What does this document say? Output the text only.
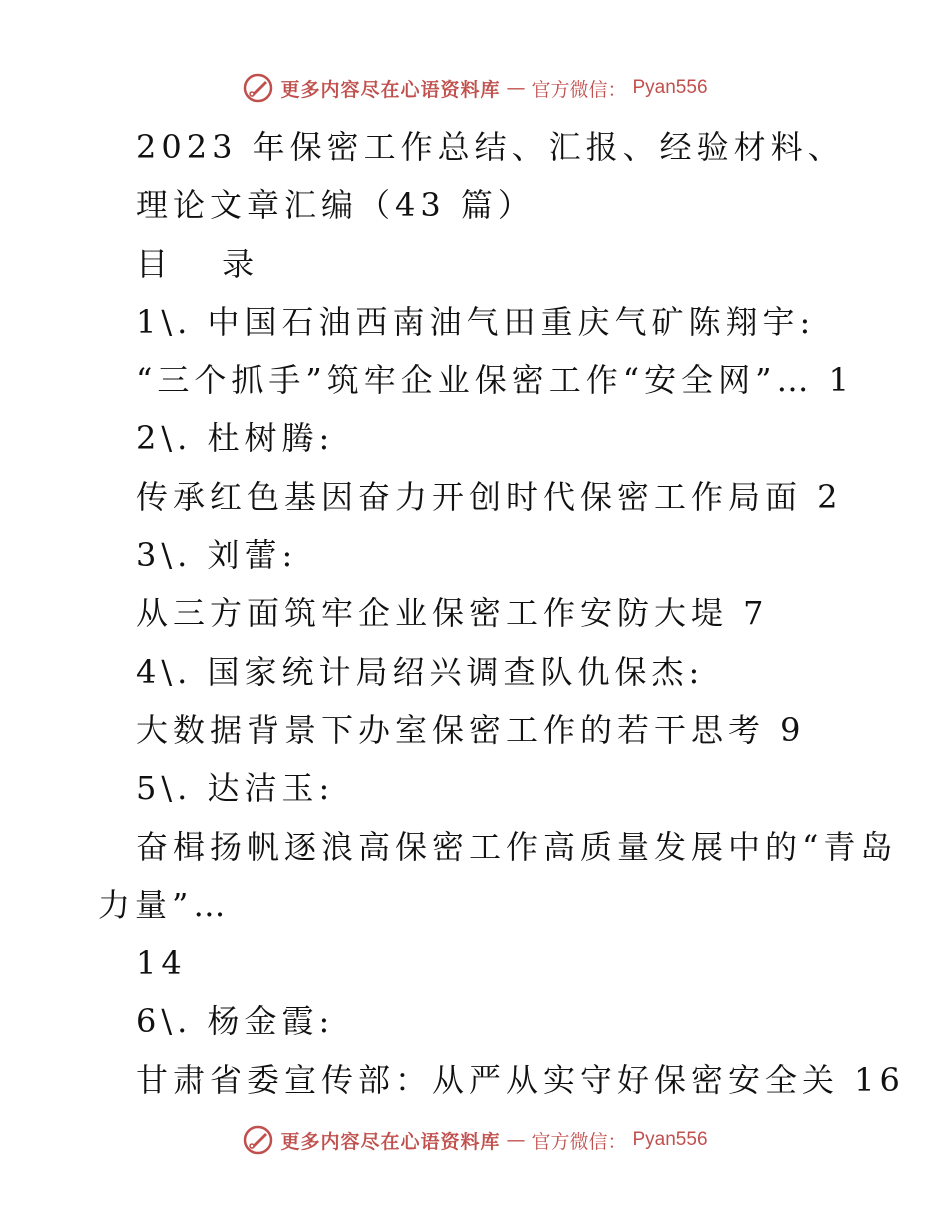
更多内容尽在心语资料库 — 官方微信： Pyan556
2023 年保密工作总结、汇报、经验材料、
理论文章汇编（43 篇）
目 录
1\. 中国石油西南油气田重庆气矿陈翔宇:
“三个抓手”筑牢企业保密工作“安全网”… 1
2\. 杜树腾:
传承红色基因奋力开创时代保密工作局面 2
3\. 刘蕾:
从三方面筑牢企业保密工作安防大堤 7
4\. 国家统计局绍兴调查队仇保杰:
大数据背景下办室保密工作的若干思考 9
5\. 达洁玉:
奋楫扬帆逐浪高保密工作高质量发展中的“青岛
力量”…
14
6\. 杨金霞:
甘肃省委宣传部：从严从实守好保密安全关 16
更多内容尽在心语资料库 — 官方微信： Pyan556
